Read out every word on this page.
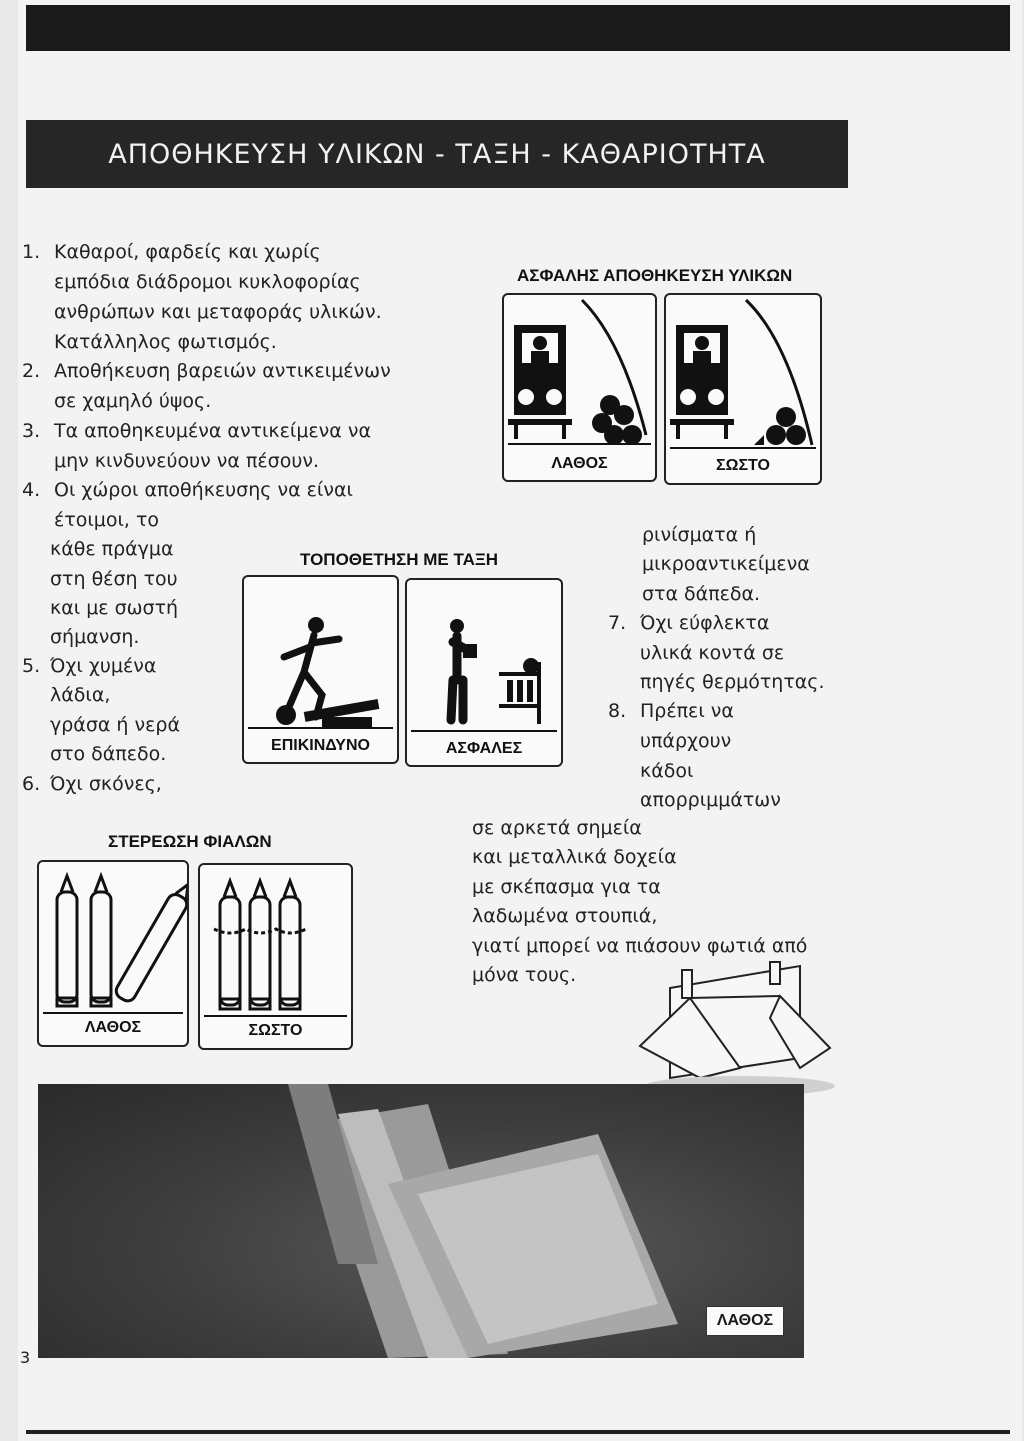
ΑΠΟΘΗΚΕΥΣΗ ΥΛΙΚΩΝ - ΤΑΞΗ - ΚΑΘΑΡΙΟΤΗΤΑ
1.
2.
3.
4.
5.
6.
7.
8.
Καθαροί, φαρδείς και χωρίς
εμπόδια διάδρομοι κυκλοφορίας
ανθρώπων και μεταφοράς υλικών.
Κατάλληλος φωτισμός.
Αποθήκευση βαρειών αντικειμένων
σε χαμηλό ύψος.
Τα αποθηκευμένα αντικείμενα να
μην κινδυνεύουν να πέσουν.
Οι χώροι αποθήκευσης να είναι
έτοιμοι, το
κάθε πράγμα
στη θέση του
και με σωστή
σήμανση.
Όχι χυμένα
λάδια,
γράσα ή νερά
στο δάπεδο.
Όχι σκόνες,
ρινίσματα ή
μικροαντικείμενα
στα δάπεδα.
Όχι εύφλεκτα
υλικά κοντά σε
πηγές θερμότητας.
Πρέπει να
υπάρχουν
κάδοι
απορριμμάτων
σε αρκετά σημεία
και μεταλλικά δοχεία
με σκέπασμα για τα
λαδωμένα στουπιά,
γιατί μπορεί να πιάσουν φωτιά από
μόνα τους.
ΑΣΦΑΛΗΣ ΑΠΟΘΗΚΕΥΣΗ ΥΛΙΚΩΝ
ΛΑΘΟΣ	ΣΩΣΤΟ
ΤΟΠΟΘΕΤΗΣΗ ΜΕ ΤΑΞΗ
ΕΠΙΚΙΝΔΥΝΟ	ΑΣΦΑΛΕΣ
ΣΤΕΡΕΩΣΗ ΦΙΑΛΩΝ
ΛΑΘΟΣ	ΣΩΣΤΟ
ΛΑΘΟΣ
3
